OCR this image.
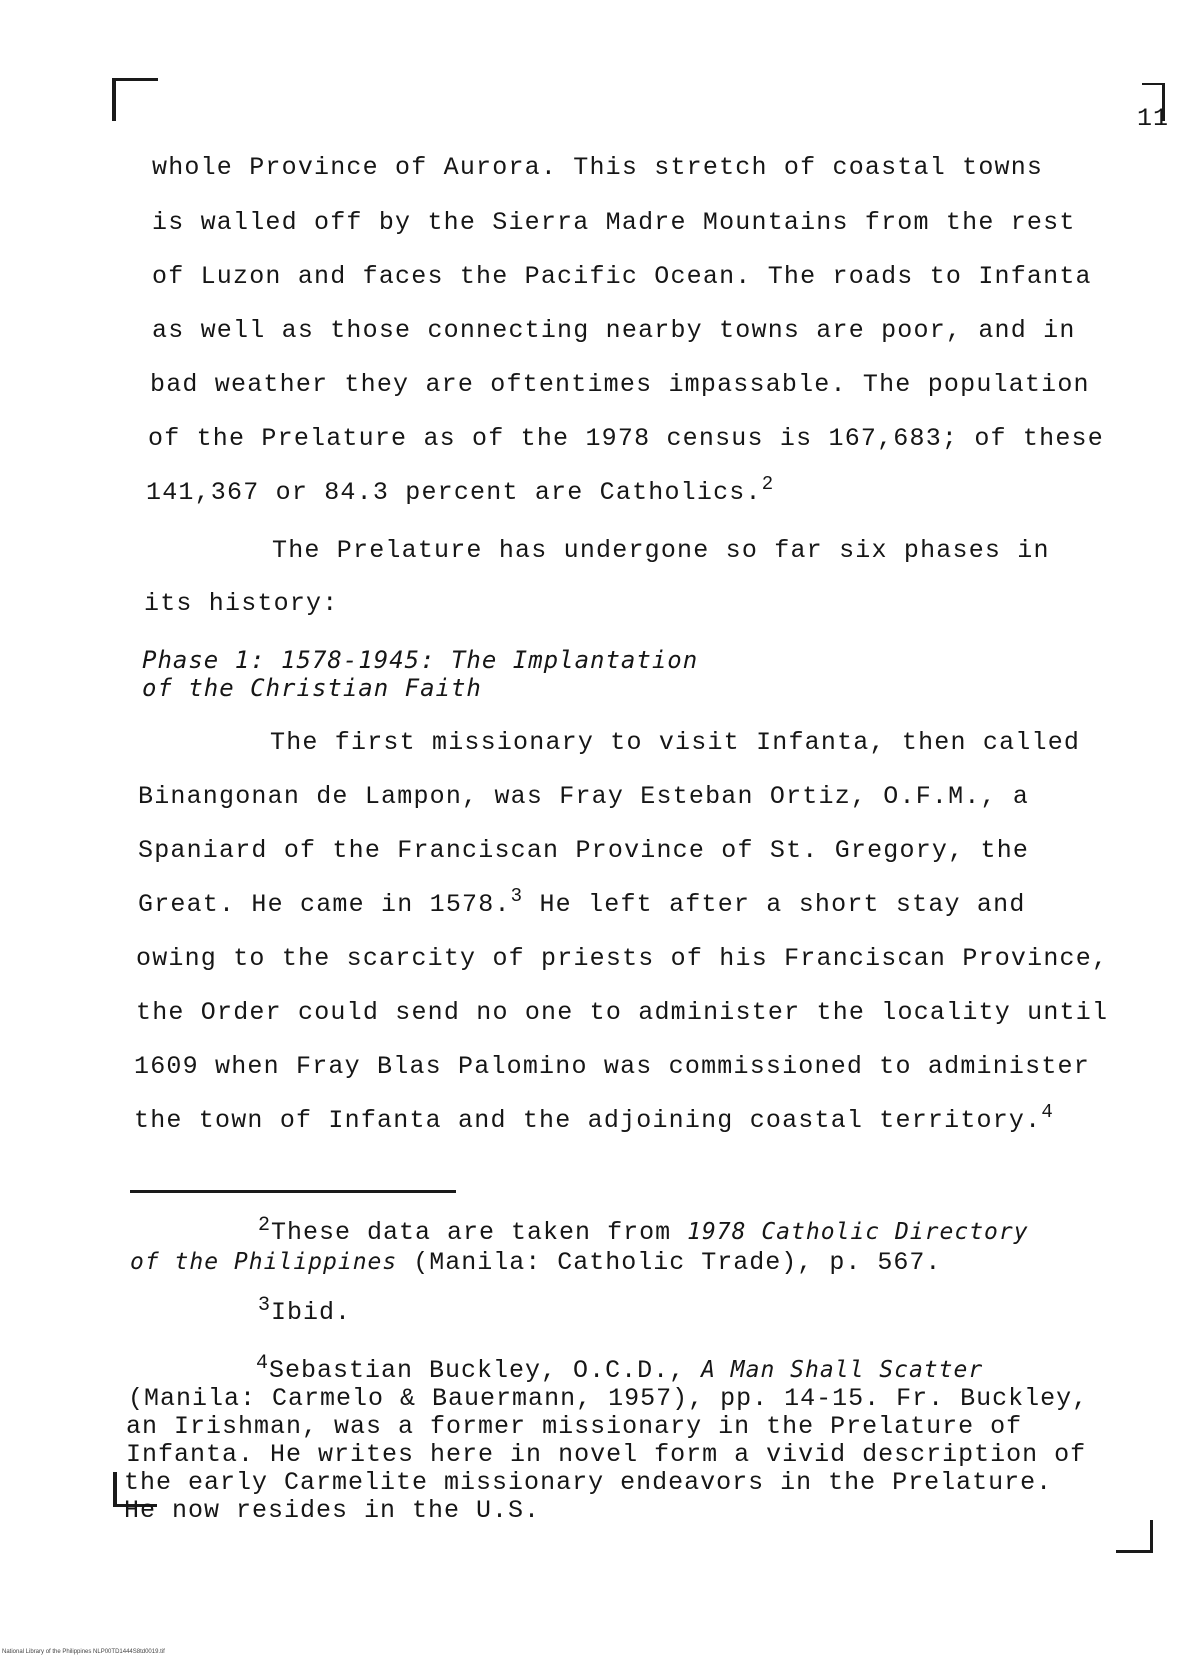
11
whole Province of Aurora. This stretch of coastal towns
is walled off by the Sierra Madre Mountains from the rest
of Luzon and faces the Pacific Ocean. The roads to Infanta
as well as those connecting nearby towns are poor, and in
bad weather they are oftentimes impassable. The population
of the Prelature as of the 1978 census is 167,683; of these
141,367 or 84.3 percent are Catholics.$^2$
The Prelature has undergone so far six phases in
its history:
Phase 1: 1578-1945: The Implantation
of the Christian Faith
The first missionary to visit Infanta, then called
Binangonan de Lampon, was Fray Esteban Ortiz, O.F.M., a
Spaniard of the Franciscan Province of St. Gregory, the
Great. He came in 1578.$^3$ He left after a short stay and
owing to the scarcity of priests of his Franciscan Province,
the Order could send no one to administer the locality until
1609 when Fray Blas Palomino was commissioned to administer
the town of Infanta and the adjoining coastal territory.$^4$
$^2$These data are taken from 1978 Catholic Directory
of the Philippines (Manila: Catholic Trade), p. 567.
$^3$Ibid.
$^4$Sebastian Buckley, O.C.D., A Man Shall Scatter
(Manila: Carmelo & Bauermann, 1957), pp. 14-15. Fr. Buckley,
an Irishman, was a former missionary in the Prelature of
Infanta. He writes here in novel form a vivid description of
the early Carmelite missionary endeavors in the Prelature.
He now resides in the U.S.
National Library of the Philippines NLP00TD1444S8td0019.tif
